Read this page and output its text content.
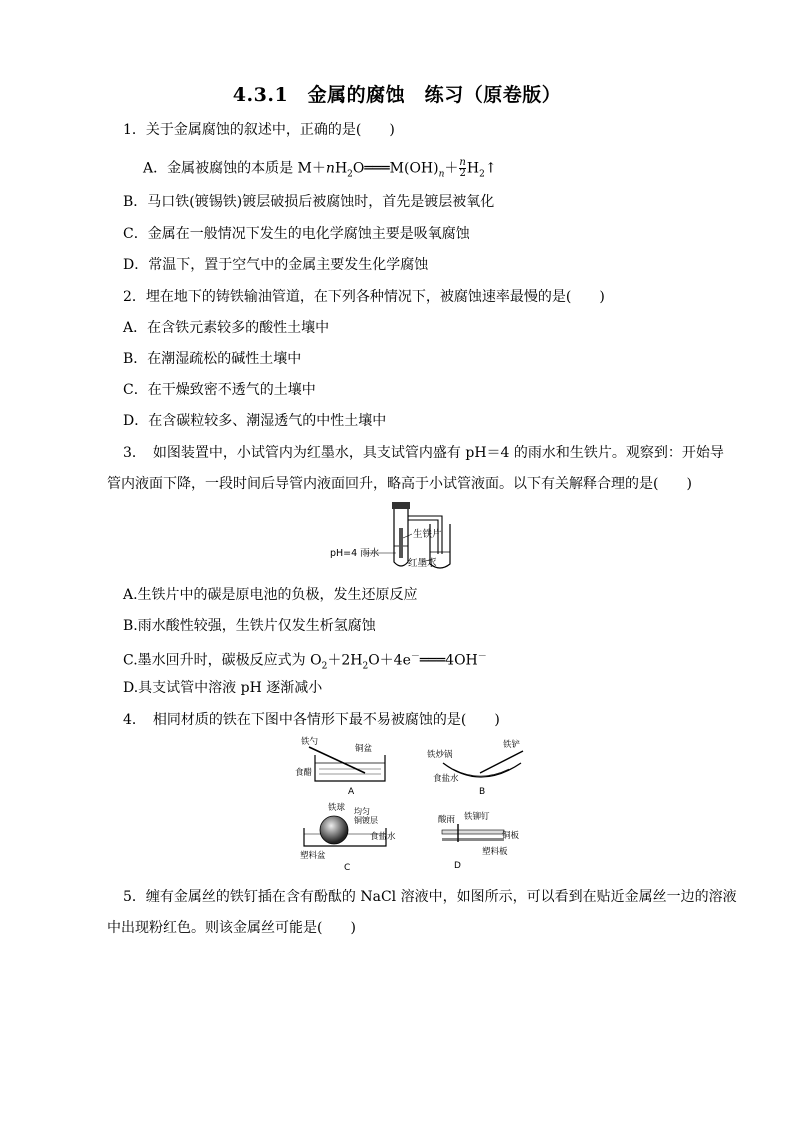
4.3.1　金属的腐蚀　练习（原卷版）
1．关于金属腐蚀的叙述中，正确的是(　　)
A．金属被腐蚀的本质是 $M+nH_2O═══M(OH)_n+ \frac{n}{2}$ $H_2↑$
B．马口铁(镀锡铁)镀层破损后被腐蚀时，首先是镀层被氧化
C．金属在一般情况下发生的电化学腐蚀主要是吸氧腐蚀
D．常温下，置于空气中的金属主要发生化学腐蚀
2．埋在地下的铸铁输油管道，在下列各种情况下，被腐蚀速率最慢的是(　　)
A．在含铁元素较多的酸性土壤中
B．在潮湿疏松的碱性土壤中
C．在干燥致密不透气的土壤中
D．在含碳粒较多、潮湿透气的中性土壤中
3．　如图装置中，小试管内为红墨水，具支试管内盛有 pH＝4 的雨水和生铁片。观察到：开始导
管内液面下降，一段时间后导管内液面回升，略高于小试管液面。以下有关解释合理的是(　　)
pH=4 雨水
生铁片
红墨水
A.生铁片中的碳是原电池的负极，发生还原反应
B.雨水酸性较强，生铁片仅发生析氢腐蚀
C.墨水回升时，碳极反应式为 $O_2+2H_2O+4e^-═══4OH^-$
D.具支试管中溶液 pH 逐渐减小
4．　相同材质的铁在下图中各情形下最不易被腐蚀的是(　　)
铁勺
铜盆
食醋
A
铁炒锅
铁铲
食盐水
B
铁球 均匀铜镀层
食盐水
塑料盆
C
酸雨 铁铆钉
铜板
塑料板
D
5．缠有金属丝的铁钉插在含有酚酞的 NaCl 溶液中，如图所示，可以看到在贴近金属丝一边的溶液
中出现粉红色。则该金属丝可能是(　　)
